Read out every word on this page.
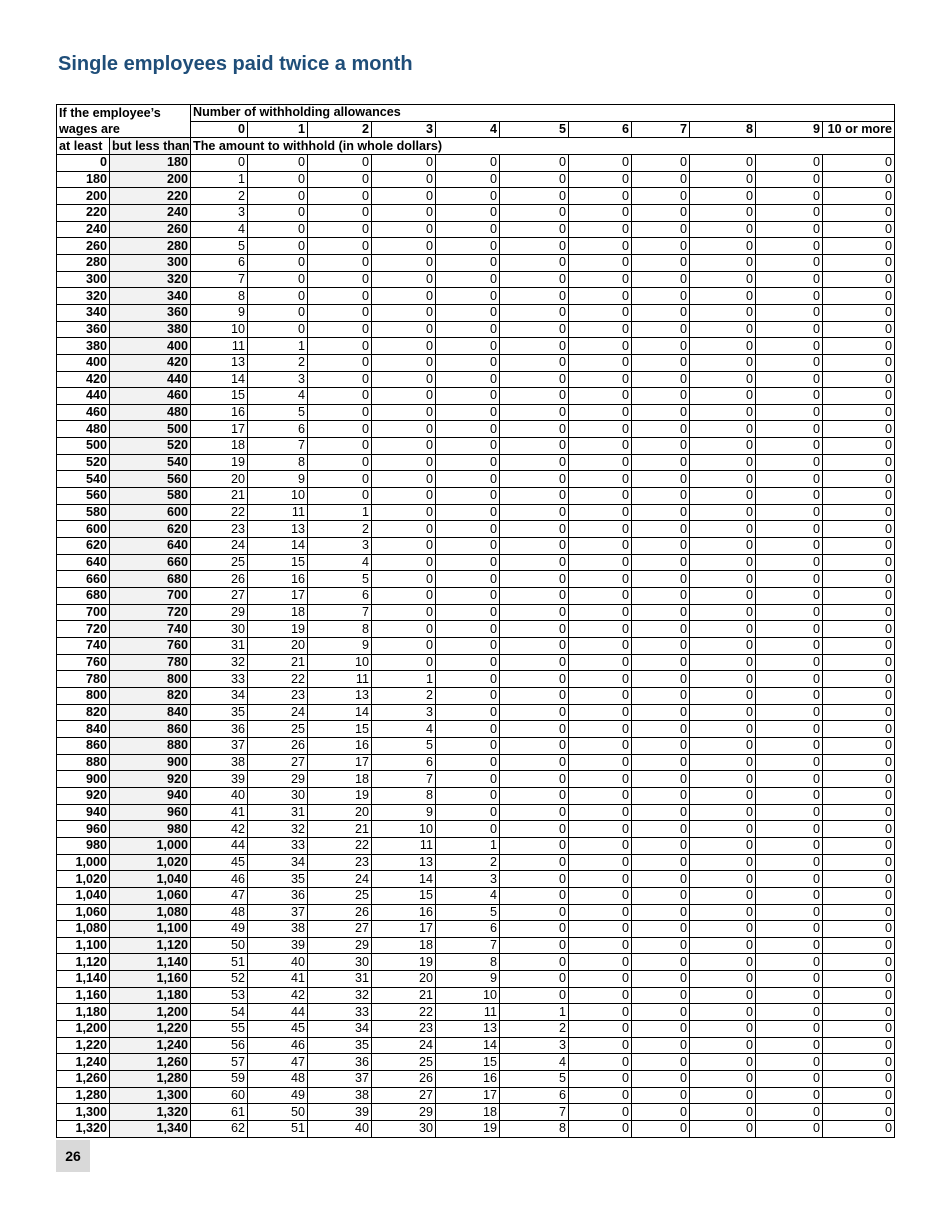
Single employees paid twice a month
If the employee’s		Number of withholding allowances										
wages are		0	1	2	3	4	5	6	7	8	9	10 or more
at least	but less than	The amount to withhold (in whole dollars)										
0	180	0	0	0	0	0	0	0	0	0	0	0
180	200	1	0	0	0	0	0	0	0	0	0	0
200	220	2	0	0	0	0	0	0	0	0	0	0
220	240	3	0	0	0	0	0	0	0	0	0	0
240	260	4	0	0	0	0	0	0	0	0	0	0
260	280	5	0	0	0	0	0	0	0	0	0	0
280	300	6	0	0	0	0	0	0	0	0	0	0
300	320	7	0	0	0	0	0	0	0	0	0	0
320	340	8	0	0	0	0	0	0	0	0	0	0
340	360	9	0	0	0	0	0	0	0	0	0	0
360	380	10	0	0	0	0	0	0	0	0	0	0
380	400	11	1	0	0	0	0	0	0	0	0	0
400	420	13	2	0	0	0	0	0	0	0	0	0
420	440	14	3	0	0	0	0	0	0	0	0	0
440	460	15	4	0	0	0	0	0	0	0	0	0
460	480	16	5	0	0	0	0	0	0	0	0	0
480	500	17	6	0	0	0	0	0	0	0	0	0
500	520	18	7	0	0	0	0	0	0	0	0	0
520	540	19	8	0	0	0	0	0	0	0	0	0
540	560	20	9	0	0	0	0	0	0	0	0	0
560	580	21	10	0	0	0	0	0	0	0	0	0
580	600	22	11	1	0	0	0	0	0	0	0	0
600	620	23	13	2	0	0	0	0	0	0	0	0
620	640	24	14	3	0	0	0	0	0	0	0	0
640	660	25	15	4	0	0	0	0	0	0	0	0
660	680	26	16	5	0	0	0	0	0	0	0	0
680	700	27	17	6	0	0	0	0	0	0	0	0
700	720	29	18	7	0	0	0	0	0	0	0	0
720	740	30	19	8	0	0	0	0	0	0	0	0
740	760	31	20	9	0	0	0	0	0	0	0	0
760	780	32	21	10	0	0	0	0	0	0	0	0
780	800	33	22	11	1	0	0	0	0	0	0	0
800	820	34	23	13	2	0	0	0	0	0	0	0
820	840	35	24	14	3	0	0	0	0	0	0	0
840	860	36	25	15	4	0	0	0	0	0	0	0
860	880	37	26	16	5	0	0	0	0	0	0	0
880	900	38	27	17	6	0	0	0	0	0	0	0
900	920	39	29	18	7	0	0	0	0	0	0	0
920	940	40	30	19	8	0	0	0	0	0	0	0
940	960	41	31	20	9	0	0	0	0	0	0	0
960	980	42	32	21	10	0	0	0	0	0	0	0
980	1,000	44	33	22	11	1	0	0	0	0	0	0
1,000	1,020	45	34	23	13	2	0	0	0	0	0	0
1,020	1,040	46	35	24	14	3	0	0	0	0	0	0
1,040	1,060	47	36	25	15	4	0	0	0	0	0	0
1,060	1,080	48	37	26	16	5	0	0	0	0	0	0
1,080	1,100	49	38	27	17	6	0	0	0	0	0	0
1,100	1,120	50	39	29	18	7	0	0	0	0	0	0
1,120	1,140	51	40	30	19	8	0	0	0	0	0	0
1,140	1,160	52	41	31	20	9	0	0	0	0	0	0
1,160	1,180	53	42	32	21	10	0	0	0	0	0	0
1,180	1,200	54	44	33	22	11	1	0	0	0	0	0
1,200	1,220	55	45	34	23	13	2	0	0	0	0	0
1,220	1,240	56	46	35	24	14	3	0	0	0	0	0
1,240	1,260	57	47	36	25	15	4	0	0	0	0	0
1,260	1,280	59	48	37	26	16	5	0	0	0	0	0
1,280	1,300	60	49	38	27	17	6	0	0	0	0	0
1,300	1,320	61	50	39	29	18	7	0	0	0	0	0
1,320	1,340	62	51	40	30	19	8	0	0	0	0	0
26
